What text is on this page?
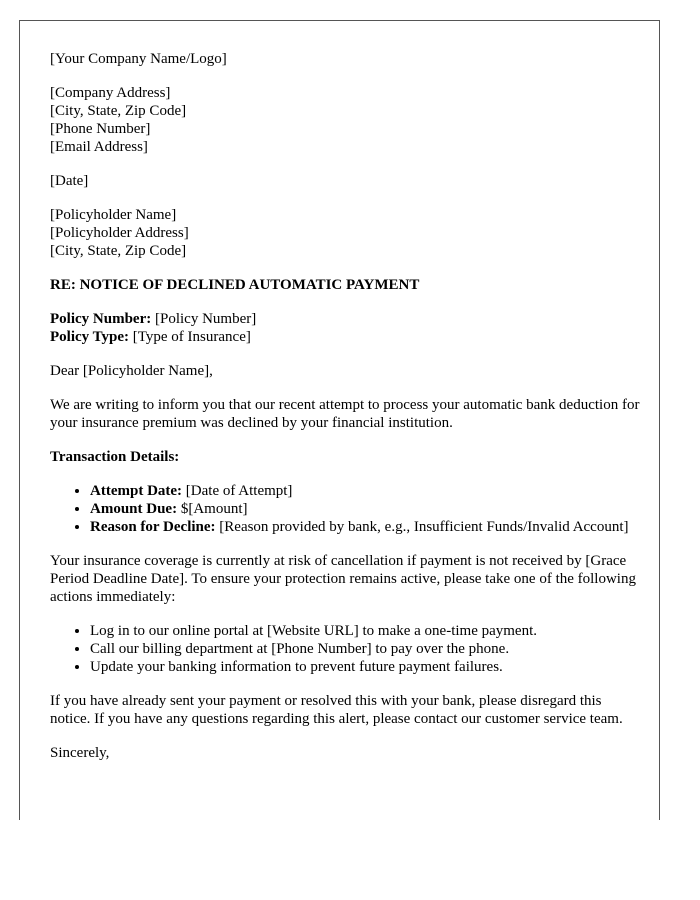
[Your Company Name/Logo]

[Company Address]
[City, State, Zip Code]
[Phone Number]
[Email Address]

[Date]

[Policyholder Name]
[Policyholder Address]
[City, State, Zip Code]

RE: NOTICE OF DECLINED AUTOMATIC PAYMENT

Policy Number: [Policy Number]
Policy Type: [Type of Insurance]

Dear [Policyholder Name],

We are writing to inform you that our recent attempt to process your automatic bank deduction for your insurance premium was declined by your financial institution.

Transaction Details:

• Attempt Date: [Date of Attempt]
• Amount Due: $[Amount]
• Reason for Decline: [Reason provided by bank, e.g., Insufficient Funds/Invalid Account]

Your insurance coverage is currently at risk of cancellation if payment is not received by [Grace Period Deadline Date]. To ensure your protection remains active, please take one of the following actions immediately:

• Log in to our online portal at [Website URL] to make a one-time payment.
• Call our billing department at [Phone Number] to pay over the phone.
• Update your banking information to prevent future payment failures.

If you have already sent your payment or resolved this with your bank, please disregard this notice. If you have any questions regarding this alert, please contact our customer service team.

Sincerely,
